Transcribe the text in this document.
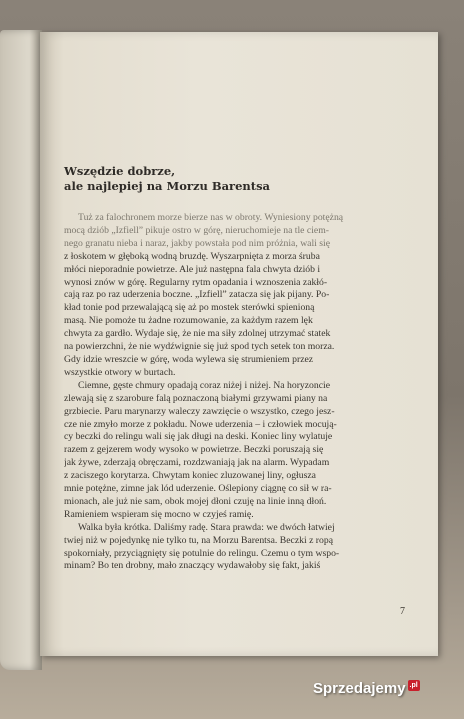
Wszędzie dobrze,
ale najlepiej na Morzu Barentsa

Tuż za falochronem morze bierze nas w obroty. Wyniesiony potężną
mocą dziób „Izfiell” pikuje ostro w górę, nieruchomieje na tle ciem-
nego granatu nieba i naraz, jakby powstała pod nim próżnia, wali się
z łoskotem w głęboką wodną bruzdę. Wyszarpnięta z morza śruba
młóci nieporadnie powietrze. Ale już następna fala chwyta dziób i
wynosi znów w górę. Regularny rytm opadania i wznoszenia zakłó-
cają raz po raz uderzenia boczne. „Izfiell” zatacza się jak pijany. Po-
kład tonie pod przewalającą się aż po mostek sterówki spienioną
masą. Nie pomoże tu żadne rozumowanie, za każdym razem lęk
chwyta za gardło. Wydaje się, że nie ma siły zdolnej utrzymać statek
na powierzchni, że nie wydźwignie się już spod tych setek ton morza.
Gdy idzie wreszcie w górę, woda wylewa się strumieniem przez
wszystkie otwory w burtach.

Ciemne, gęste chmury opadają coraz niżej i niżej. Na horyzoncie
zlewają się z szarobure falą poznaczoną białymi grzywami piany na
grzbiecie. Paru marynarzy waleczy zawzięcie o wszystko, czego jesz-
cze nie zmyło morze z pokładu. Nowe uderzenia – i człowiek mocują-
cy beczki do relingu wali się jak długi na deski. Koniec liny wylatuje
razem z gejzerem wody wysoko w powietrze. Beczki poruszają się
jak żywe, zderzają obręczami, rozdzwaniają jak na alarm. Wypadam
z zaciszego korytarza. Chwytam koniec zluzowanej liny, ogłusza
mnie potężne, zimne jak lód uderzenie. Oślepiony ciągnę co sił w ra-
mionach, ale już nie sam, obok mojej dłoni czuję na linie inną dłoń.
Ramieniem wspieram się mocno w czyjeś ramię.

Walka była krótka. Daliśmy radę. Stara prawda: we dwóch łatwiej
twiej niż w pojedynkę nie tylko tu, na Morzu Barentsa. Beczki z ropą
spokorniały, przyciągnięty się potulnie do relingu. Czemu o tym wspo-
minam? Bo ten drobny, mało znaczący wydawałoby się fakt, jakiś

7
Sprzedajemy .pl
